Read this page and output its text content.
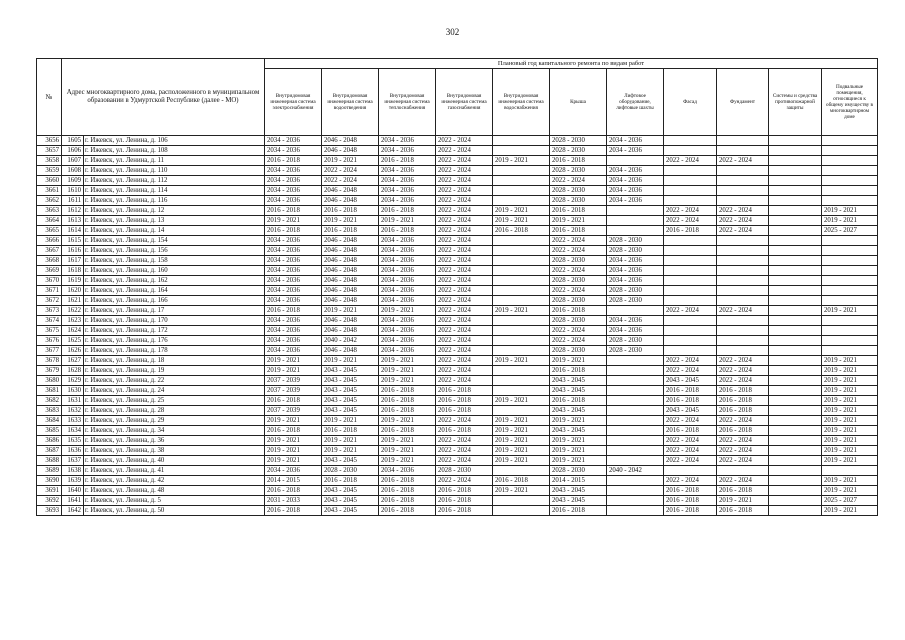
302
№	Адрес многоквартирного дома, расположенного в муниципальном образовании в Удмуртской Республике (далее - МО)		Плановый год капитального ремонта по видам работ										
			Внутридомовая инженерная система электроснабжения	Внутридомовая инженерная система водоотведения	Внутридомовая инженерная система теплоснабжения	Внутридомовая инженерная система газоснабжения	Внутридомовая инженерная система водоснабжения	Крыша	Лифтовое оборудование, лифтовые шахты	Фасад	Фундамент	Системы и средства противопожарной защиты	Подвальные помещения, относящиеся к общему имуществу в многоквартирном доме
3656	1605	г. Ижевск, ул. Ленина, д. 106	2034 - 2036	2046 - 2048	2034 - 2036	2022 - 2024		2028 - 2030	2034 - 2036				
3657	1606	г. Ижевск, ул. Ленина, д. 108	2034 - 2036	2046 - 2048	2034 - 2036	2022 - 2024		2028 - 2030	2034 - 2036				
3658	1607	г. Ижевск, ул. Ленина, д. 11	2016 - 2018	2019 - 2021	2016 - 2018	2022 - 2024	2019 - 2021	2016 - 2018		2022 - 2024	2022 - 2024		
3659	1608	г. Ижевск, ул. Ленина, д. 110	2034 - 2036	2022 - 2024	2034 - 2036	2022 - 2024		2028 - 2030	2034 - 2036				
3660	1609	г. Ижевск, ул. Ленина, д. 112	2034 - 2036	2022 - 2024	2034 - 2036	2022 - 2024		2022 - 2024	2034 - 2036				
3661	1610	г. Ижевск, ул. Ленина, д. 114	2034 - 2036	2046 - 2048	2034 - 2036	2022 - 2024		2028 - 2030	2034 - 2036				
3662	1611	г. Ижевск, ул. Ленина, д. 116	2034 - 2036	2046 - 2048	2034 - 2036	2022 - 2024		2028 - 2030	2034 - 2036				
3663	1612	г. Ижевск, ул. Ленина, д. 12	2016 - 2018	2016 - 2018	2016 - 2018	2022 - 2024	2019 - 2021	2016 - 2018		2022 - 2024	2022 - 2024		2019 - 2021
3664	1613	г. Ижевск, ул. Ленина, д. 13	2019 - 2021	2019 - 2021	2019 - 2021	2022 - 2024	2019 - 2021	2019 - 2021		2022 - 2024	2022 - 2024		2019 - 2021
3665	1614	г. Ижевск, ул. Ленина, д. 14	2016 - 2018	2016 - 2018	2016 - 2018	2022 - 2024	2016 - 2018	2016 - 2018		2016 - 2018	2022 - 2024		2025 - 2027
3666	1615	г. Ижевск, ул. Ленина, д. 154	2034 - 2036	2046 - 2048	2034 - 2036	2022 - 2024		2022 - 2024	2028 - 2030				
3667	1616	г. Ижевск, ул. Ленина, д. 156	2034 - 2036	2046 - 2048	2034 - 2036	2022 - 2024		2022 - 2024	2028 - 2030				
3668	1617	г. Ижевск, ул. Ленина, д. 158	2034 - 2036	2046 - 2048	2034 - 2036	2022 - 2024		2028 - 2030	2034 - 2036				
3669	1618	г. Ижевск, ул. Ленина, д. 160	2034 - 2036	2046 - 2048	2034 - 2036	2022 - 2024		2022 - 2024	2034 - 2036				
3670	1619	г. Ижевск, ул. Ленина, д. 162	2034 - 2036	2046 - 2048	2034 - 2036	2022 - 2024		2028 - 2030	2034 - 2036				
3671	1620	г. Ижевск, ул. Ленина, д. 164	2034 - 2036	2046 - 2048	2034 - 2036	2022 - 2024		2022 - 2024	2028 - 2030				
3672	1621	г. Ижевск, ул. Ленина, д. 166	2034 - 2036	2046 - 2048	2034 - 2036	2022 - 2024		2028 - 2030	2028 - 2030				
3673	1622	г. Ижевск, ул. Ленина, д. 17	2016 - 2018	2019 - 2021	2019 - 2021	2022 - 2024	2019 - 2021	2016 - 2018		2022 - 2024	2022 - 2024		2019 - 2021
3674	1623	г. Ижевск, ул. Ленина, д. 170	2034 - 2036	2046 - 2048	2034 - 2036	2022 - 2024		2028 - 2030	2034 - 2036				
3675	1624	г. Ижевск, ул. Ленина, д. 172	2034 - 2036	2046 - 2048	2034 - 2036	2022 - 2024		2022 - 2024	2034 - 2036				
3676	1625	г. Ижевск, ул. Ленина, д. 176	2034 - 2036	2040 - 2042	2034 - 2036	2022 - 2024		2022 - 2024	2028 - 2030				
3677	1626	г. Ижевск, ул. Ленина, д. 178	2034 - 2036	2046 - 2048	2034 - 2036	2022 - 2024		2028 - 2030	2028 - 2030				
3678	1627	г. Ижевск, ул. Ленина, д. 18	2019 - 2021	2019 - 2021	2019 - 2021	2022 - 2024	2019 - 2021	2019 - 2021		2022 - 2024	2022 - 2024		2019 - 2021
3679	1628	г. Ижевск, ул. Ленина, д. 19	2019 - 2021	2043 - 2045	2019 - 2021	2022 - 2024		2016 - 2018		2022 - 2024	2022 - 2024		2019 - 2021
3680	1629	г. Ижевск, ул. Ленина, д. 22	2037 - 2039	2043 - 2045	2019 - 2021	2022 - 2024		2043 - 2045		2043 - 2045	2022 - 2024		2019 - 2021
3681	1630	г. Ижевск, ул. Ленина, д. 24	2037 - 2039	2043 - 2045	2016 - 2018	2016 - 2018		2043 - 2045		2016 - 2018	2016 - 2018		2019 - 2021
3682	1631	г. Ижевск, ул. Ленина, д. 25	2016 - 2018	2043 - 2045	2016 - 2018	2016 - 2018	2019 - 2021	2016 - 2018		2016 - 2018	2016 - 2018		2019 - 2021
3683	1632	г. Ижевск, ул. Ленина, д. 28	2037 - 2039	2043 - 2045	2016 - 2018	2016 - 2018		2043 - 2045		2043 - 2045	2016 - 2018		2019 - 2021
3684	1633	г. Ижевск, ул. Ленина, д. 29	2019 - 2021	2019 - 2021	2019 - 2021	2022 - 2024	2019 - 2021	2019 - 2021		2022 - 2024	2022 - 2024		2019 - 2021
3685	1634	г. Ижевск, ул. Ленина, д. 34	2016 - 2018	2016 - 2018	2016 - 2018	2016 - 2018	2019 - 2021	2043 - 2045		2016 - 2018	2016 - 2018		2019 - 2021
3686	1635	г. Ижевск, ул. Ленина, д. 36	2019 - 2021	2019 - 2021	2019 - 2021	2022 - 2024	2019 - 2021	2019 - 2021		2022 - 2024	2022 - 2024		2019 - 2021
3687	1636	г. Ижевск, ул. Ленина, д. 38	2019 - 2021	2019 - 2021	2019 - 2021	2022 - 2024	2019 - 2021	2019 - 2021		2022 - 2024	2022 - 2024		2019 - 2021
3688	1637	г. Ижевск, ул. Ленина, д. 40	2019 - 2021	2043 - 2045	2019 - 2021	2022 - 2024	2019 - 2021	2019 - 2021		2022 - 2024	2022 - 2024		2019 - 2021
3689	1638	г. Ижевск, ул. Ленина, д. 41	2034 - 2036	2028 - 2030	2034 - 2036	2028 - 2030		2028 - 2030	2040 - 2042				
3690	1639	г. Ижевск, ул. Ленина, д. 42	2014 - 2015	2016 - 2018	2016 - 2018	2022 - 2024	2016 - 2018	2014 - 2015		2022 - 2024	2022 - 2024		2019 - 2021
3691	1640	г. Ижевск, ул. Ленина, д. 48	2016 - 2018	2043 - 2045	2016 - 2018	2016 - 2018	2019 - 2021	2043 - 2045		2016 - 2018	2016 - 2018		2019 - 2021
3692	1641	г. Ижевск, ул. Ленина, д. 5	2031 - 2033	2043 - 2045	2016 - 2018	2016 - 2018		2043 - 2045		2016 - 2018	2019 - 2021		2025 - 2027
3693	1642	г. Ижевск, ул. Ленина, д. 50	2016 - 2018	2043 - 2045	2016 - 2018	2016 - 2018		2016 - 2018		2016 - 2018	2016 - 2018		2019 - 2021
